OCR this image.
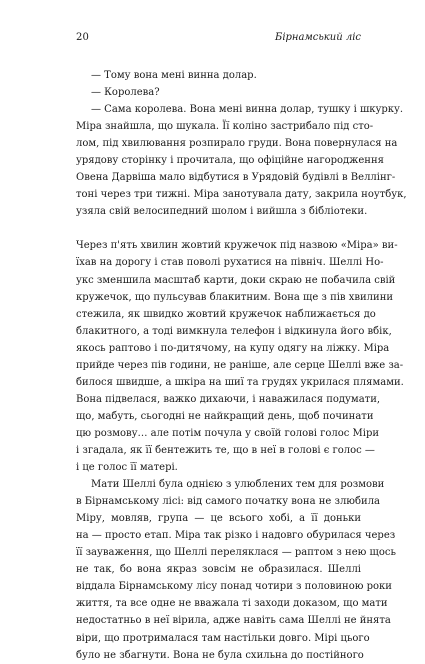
20	Бірнамський ліс
— Тому вона мені винна долар.
— Королева?
— Сама королева. Вона мені винна долар, тушку і шкурку.
Міра знайшла, що шукала. Її коліно застрибало під сто-
лом, під хвилювання розпирало груди. Вона повернулася на
урядову сторінку і прочитала, що офіційне нагородження
Овена Дарвіша мало відбутися в Урядовій будівлі в Веллінг-
тоні через три тижні. Міра занотувала дату, закрила ноутбук,
узяла свій велосипедний шолом і вийшла з бібліотеки.
Через п'ять хвилин жовтий кружечок під назвою «Міра» ви-
їхав на дорогу і став поволі рухатися на північ. Шеллі Но-
укс зменшила масштаб карти, доки скраю не побачила свій
кружечок, що пульсував блакитним. Вона ще з пів хвилини
стежила, як швидко жовтий кружечок наближається до
блакитного, а тоді вимкнула телефон і відкинула його вбік,
якось раптово і по-дитячому, на купу одягу на ліжку. Міра
прийде через пів години, не раніше, але серце Шеллі вже за-
билося швидше, а шкіра на шиї та грудях укрилася плямами.
Вона підвелася, важко дихаючи, і наважилася подумати,
що, мабуть, сьогодні не найкращий день, щоб починати
цю розмову… але потім почула у своїй голові голос Міри
і згадала, як її бентежить те, що в неї в голові є голос —
і це голос її матері.
Мати Шеллі була однією з улюблених тем для розмови
в Бірнамському лісі: від самого початку вона не злюбила
Міру, мовляв, група — це всього хобі, а її доньки
на — просто етап. Міра так різко і надовго обурилася через
її зауваження, що Шеллі переляклася — раптом з нею щось
не так, бо вона якраз зовсім не образилася. Шеллі
віддала Бірнамському лісу понад чотири з половиною роки
життя, та все одне не вважала ті заходи доказом, що мати
недостатньо в неї вірила, адже навіть сама Шеллі не йнята
віри, що протрималася там настільки довго. Мірі цього
було не збагнути. Вона не була схильна до постійного
